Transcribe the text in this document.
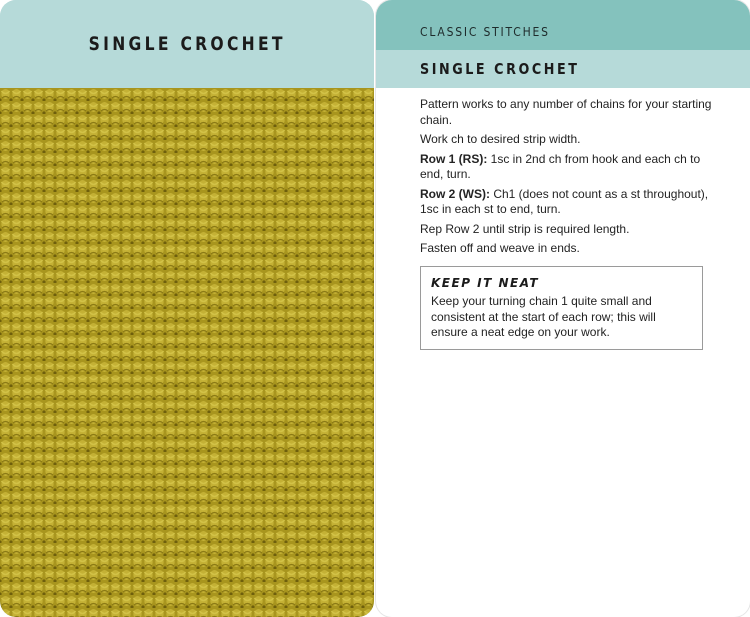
SINGLE CROCHET
CLASSIC STITCHES
SINGLE CROCHET

Pattern works to any number of chains for your starting chain.

Work ch to desired strip width.

Row 1 (RS): 1sc in 2nd ch from hook and each ch to end, turn.

Row 2 (WS): Ch1 (does not count as a st throughout), 1sc in each st to end, turn.

Rep Row 2 until strip is required length.

Fasten off and weave in ends.

KEEP IT NEAT
Keep your turning chain 1 quite small and consistent at the start of each row; this will ensure a neat edge on your work.
